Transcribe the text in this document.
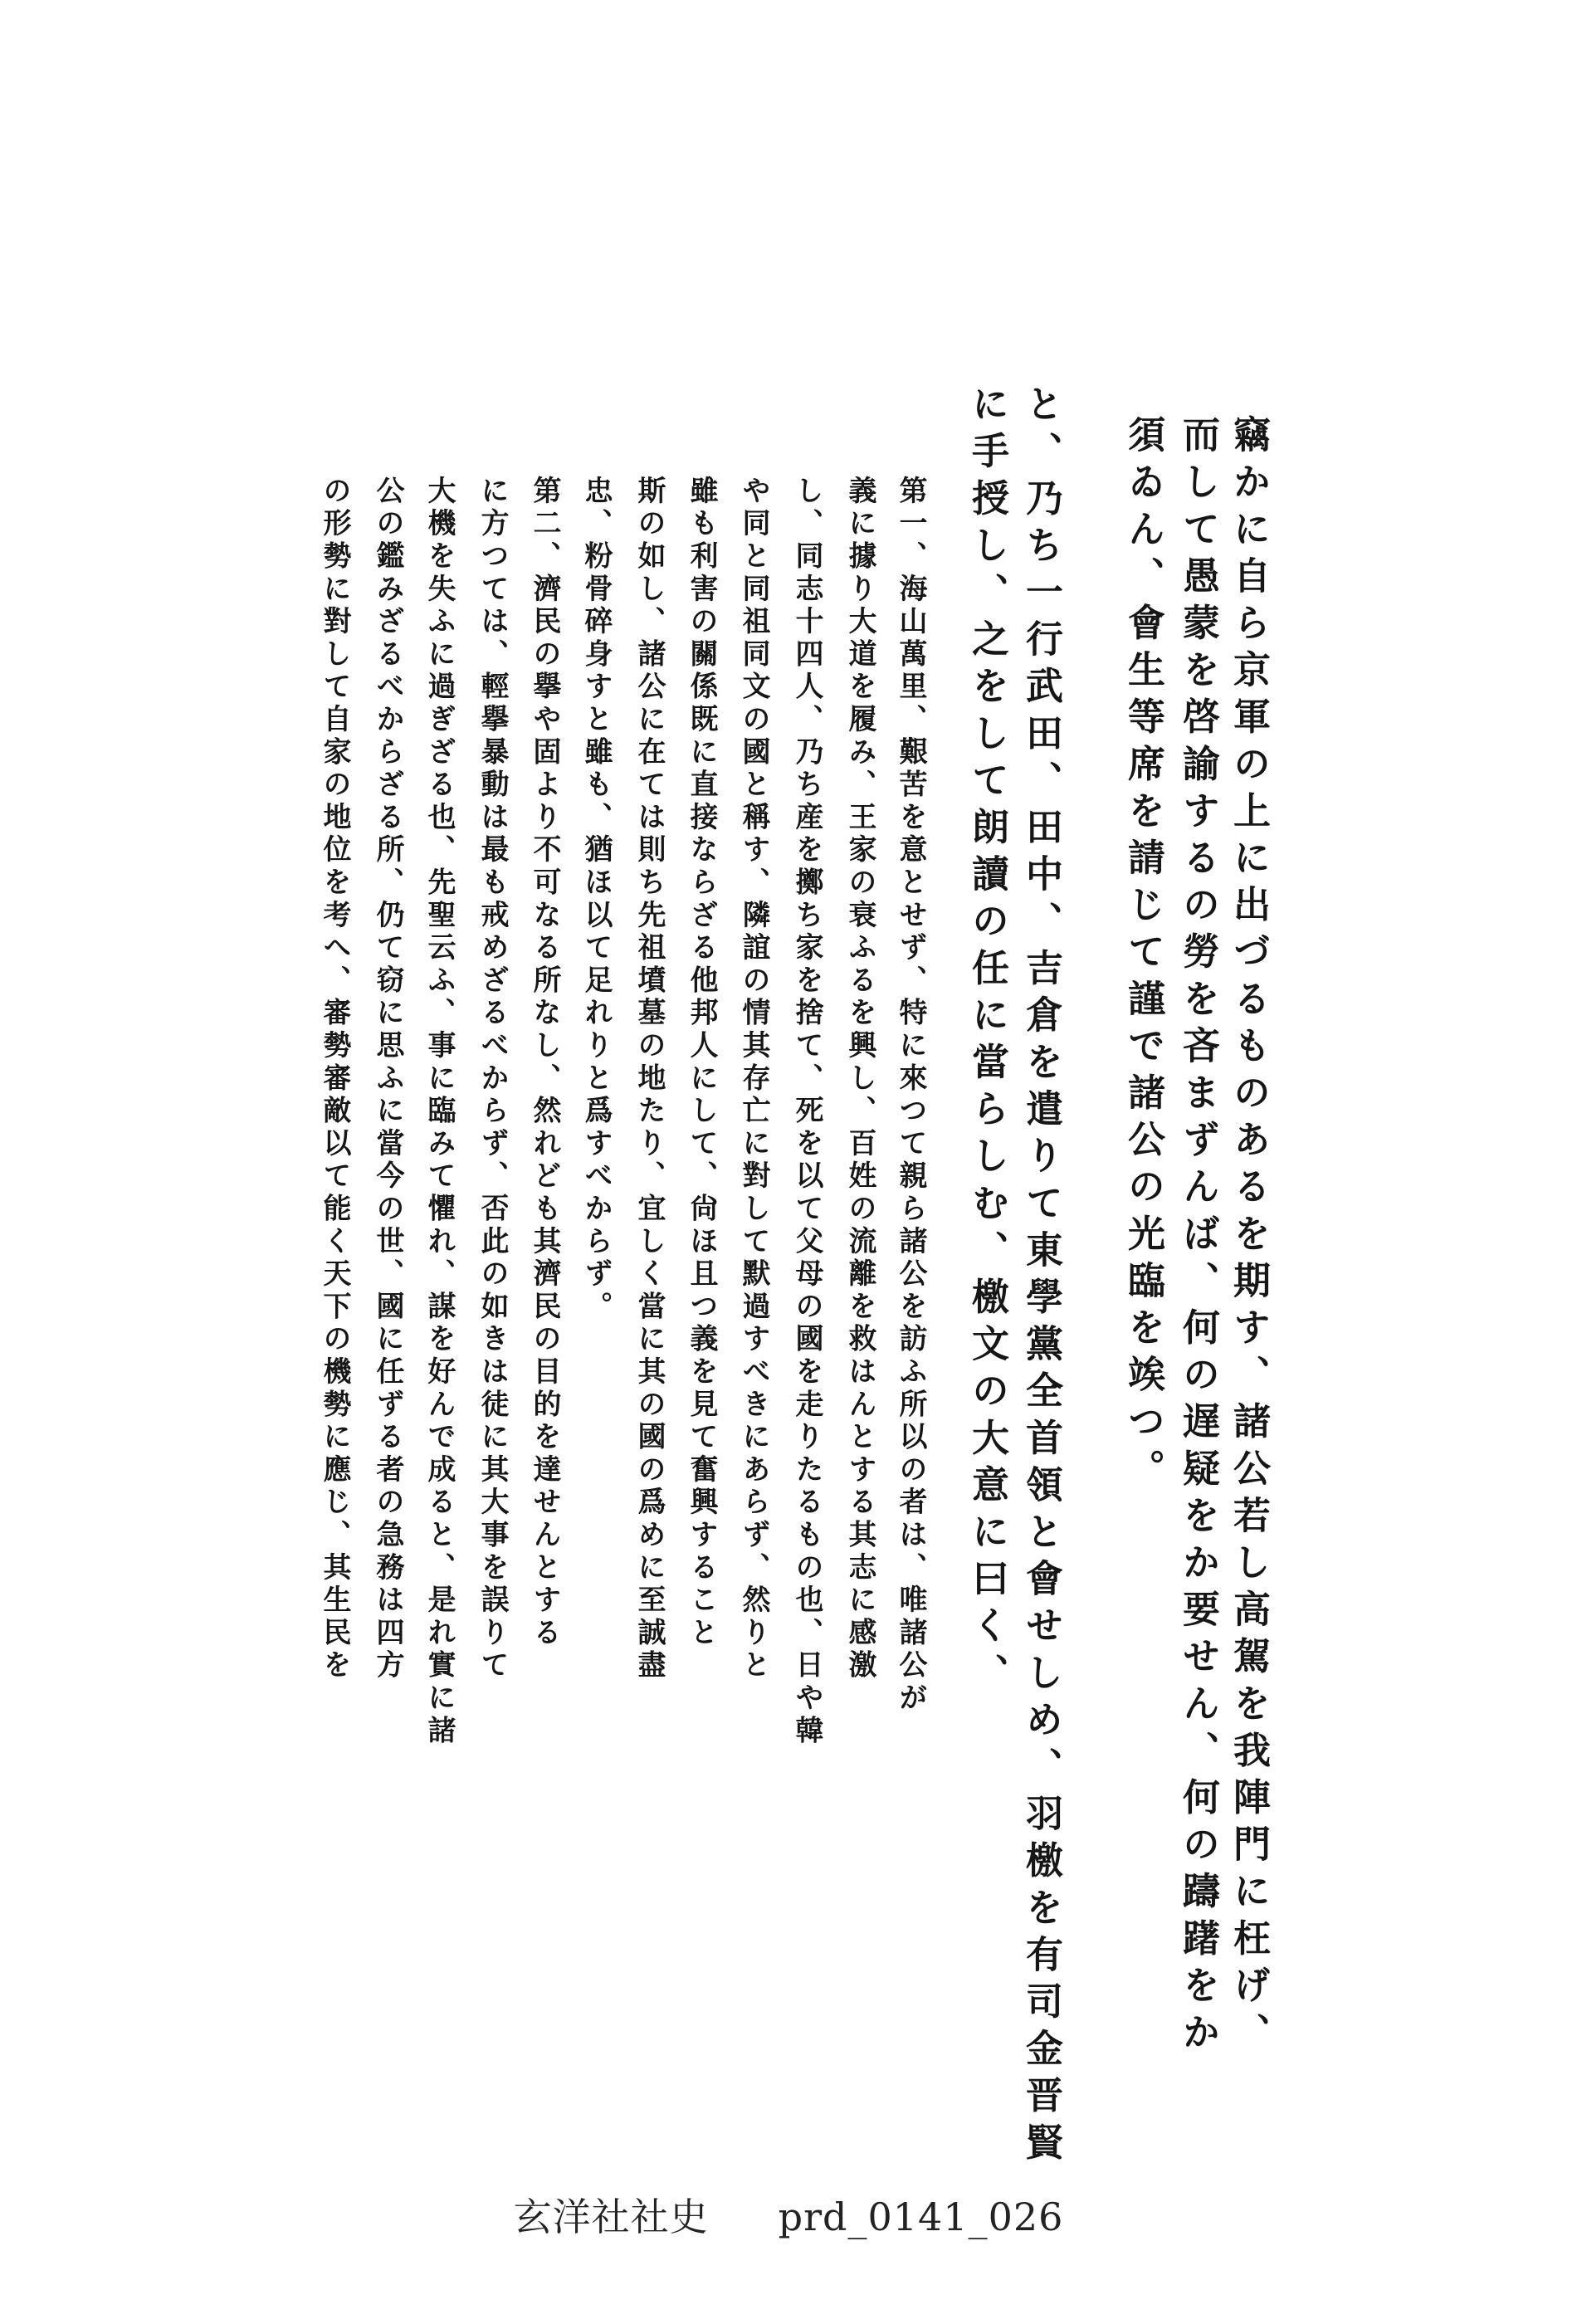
竊かに自ら京軍の上に出づるものあるを期す、諸公若し高駕を我陣門に枉げ、
而して愚蒙を啓諭するの勞を吝まずんば、何の遅疑をか要せん、何の躊躇をか
須ゐん、會生等席を請じて謹で諸公の光臨を竢つ。
と、乃ち一行武田、田中、吉倉を遣りて東學黨全首領と會せしめ、羽檄を有司金晋賢
に手授し、之をして朗讀の任に當らしむ、檄文の大意に曰く、
第一、海山萬里、艱苦を意とせず、特に來つて親ら諸公を訪ふ所以の者は、唯諸公が
義に據り大道を履み、王家の衰ふるを興し、百姓の流離を救はんとする其志に感激
し、同志十四人、乃ち産を擲ち家を捨て、死を以て父母の國を走りたるもの也、日や韓
や同と同祖同文の國と稱す、隣誼の情其存亡に對して默過すべきにあらず、然りと
雖も利害の關係既に直接ならざる他邦人にして、尙ほ且つ義を見て奮興すること
斯の如し、諸公に在ては則ち先祖墳墓の地たり、宜しく當に其の國の爲めに至誠盡
忠、粉骨碎身すと雖も、猶ほ以て足れりと爲すべからず。
第二、濟民の擧や固より不可なる所なし、然れども其濟民の目的を達せんとする
に方つては、輕擧暴動は最も戒めざるべからず、否此の如きは徒に其大事を誤りて
大機を失ふに過ぎざる也、先聖云ふ、事に臨みて懼れ、謀を好んで成ると、是れ實に諸
公の鑑みざるべからざる所、仍て窃に思ふに當今の世、國に任ずる者の急務は四方
の形勢に對して自家の地位を考へ、審勢審敵以て能く天下の機勢に應じ、其生民を
玄洋社社史 prd_0141_026
